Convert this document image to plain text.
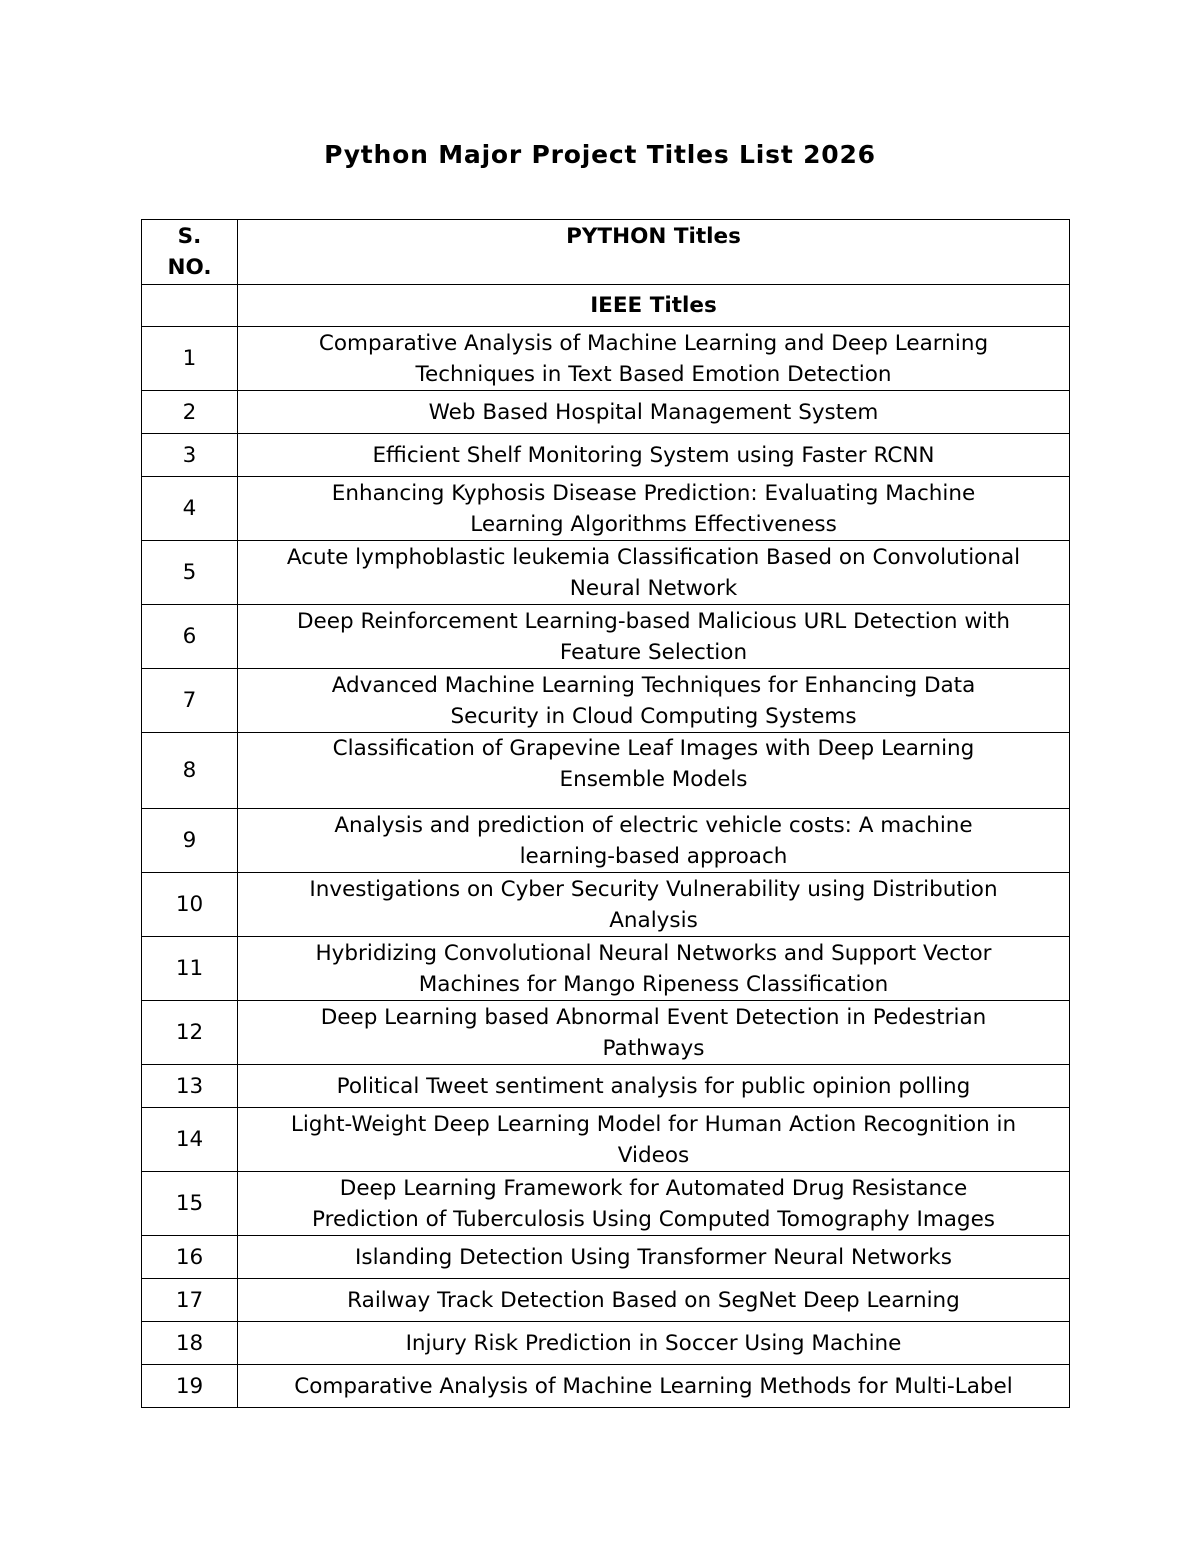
Python Major Project Titles List 2026
S.
NO.	PYTHON Titles
	IEEE Titles
1	Comparative Analysis of Machine Learning and Deep Learning
Techniques in Text Based Emotion Detection
2	Web Based Hospital Management System
3	Efficient Shelf Monitoring System using Faster RCNN
4	Enhancing Kyphosis Disease Prediction: Evaluating Machine
Learning Algorithms Effectiveness
5	Acute lymphoblastic leukemia Classification Based on Convolutional
Neural Network
6	Deep Reinforcement Learning-based Malicious URL Detection with
Feature Selection
7	Advanced Machine Learning Techniques for Enhancing Data
Security in Cloud Computing Systems
8	Classification of Grapevine Leaf Images with Deep Learning
Ensemble Models
9	Analysis and prediction of electric vehicle costs: A machine
learning-based approach
10	Investigations on Cyber Security Vulnerability using Distribution
Analysis
11	Hybridizing Convolutional Neural Networks and Support Vector
Machines for Mango Ripeness Classification
12	Deep Learning based Abnormal Event Detection in Pedestrian
Pathways
13	Political Tweet sentiment analysis for public opinion polling
14	Light-Weight Deep Learning Model for Human Action Recognition in
Videos
15	Deep Learning Framework for Automated Drug Resistance
Prediction of Tuberculosis Using Computed Tomography Images
16	Islanding Detection Using Transformer Neural Networks
17	Railway Track Detection Based on SegNet Deep Learning
18	Injury Risk Prediction in Soccer Using Machine
19	Comparative Analysis of Machine Learning Methods for Multi-Label
